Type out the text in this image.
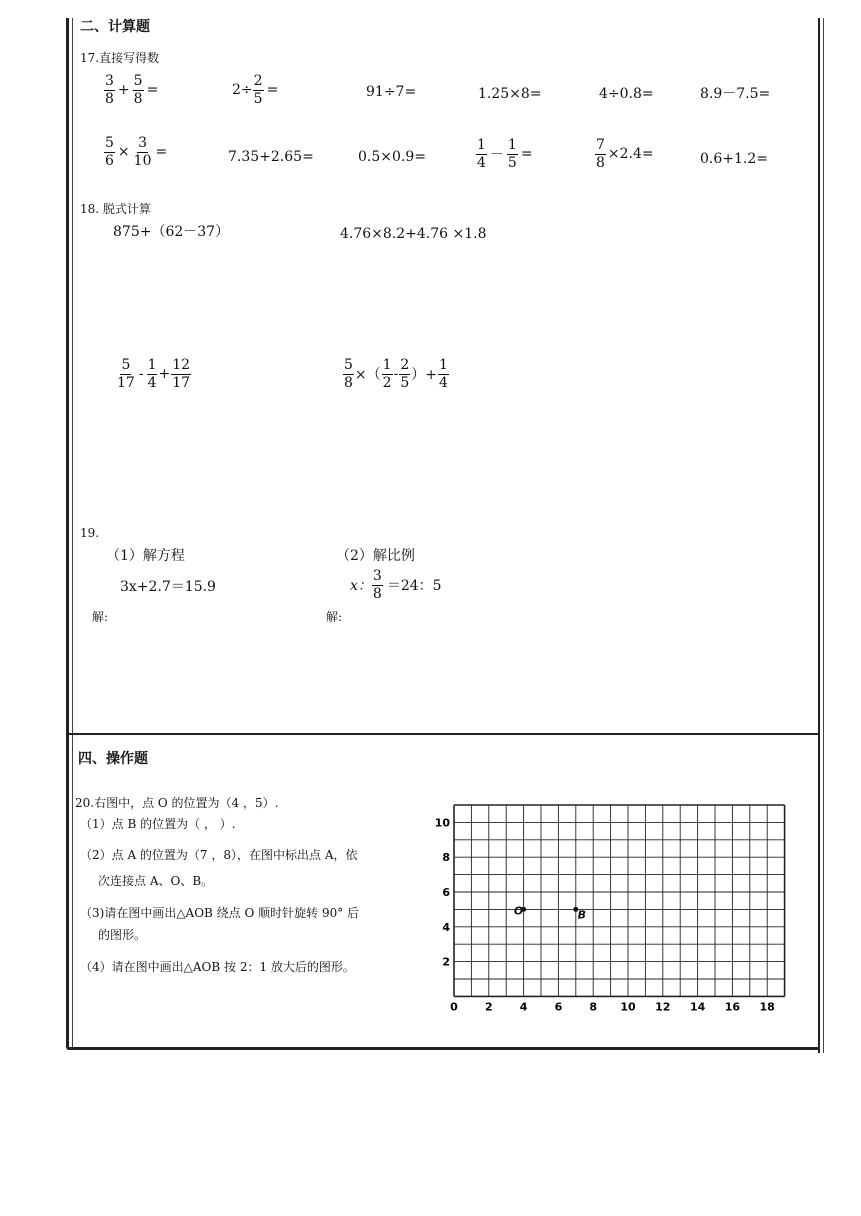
二、计算题
17.直接写得数
$\frac{3}{8} + \frac{5}{8}$ =	$2\div \frac{2}{5}$ =	91÷7=	1.25×8=	4÷0.8=	8.9－7.5=
$\frac{5}{6} \times \frac{3}{10}$ =	7.35+2.65=	0.5×0.9=	$\frac{1}{4} - \frac{1}{5}$ =	$\frac{7}{8} \times 2.4=$	0.6+1.2=
18. 脱式计算
875+（62－37）	4.76×8.2+4.76 ×1.8
$\frac{5}{17} - \frac{1}{4} + \frac{12}{17}$	$\frac{5}{8}$ ×（ $\frac{1}{2} - \frac{2}{5}$ ）+ $\frac{1}{4}$
19.
（1）解方程
3x+2.7＝15.9
解:
（2）解比例
x： $\frac{3}{8} =24$：5
解:
四、操作题
20.右图中，点 O 的位置为（4 ，5）.
（1）点 B 的位置为（ ， ）.
（2）点 A 的位置为（7 ，8），在图中标出点 A，依
次连接点 A、O、B。
（3)请在图中画出△AOB 绕点 O 顺时针旋转 90° 后
的图形。
（4）请在图中画出△AOB 按 2：1 放大后的图形。
0 2 4 6 8 10 12 14 16 18
2
4
6
8
10
O	B
